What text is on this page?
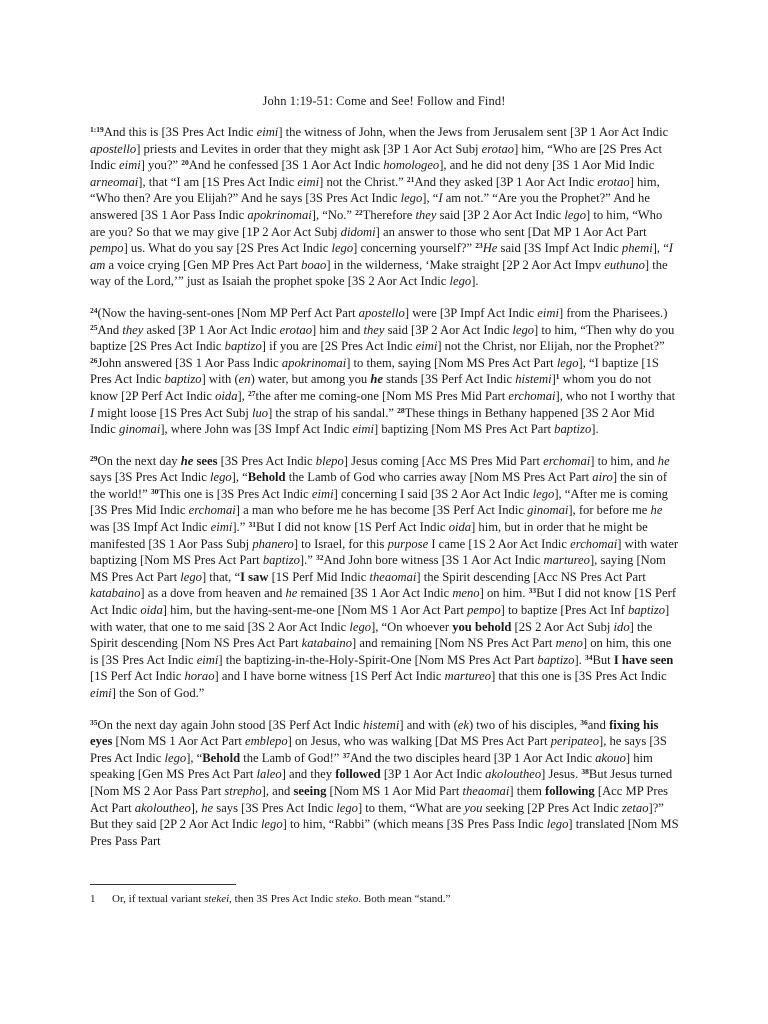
John 1:19-51: Come and See! Follow and Find!

$^{1:19}$And this is [3S Pres Act Indic eimi] the witness of John, when the Jews from Jerusalem sent [3P 1 Aor Act Indic apostello] priests and Levites in order that they might ask [3P 1 Aor Act Subj erotao] him, “Who are [2S Pres Act Indic eimi] you?” $^{20}$And he confessed [3S 1 Aor Act Indic homologeo], and he did not deny [3S 1 Aor Mid Indic arneomai], that “I am [1S Pres Act Indic eimi] not the Christ.” $^{21}$And they asked [3P 1 Aor Act Indic erotao] him, “Who then? Are you Elijah?” And he says [3S Pres Act Indic lego], “I am not.” “Are you the Prophet?” And he answered [3S 1 Aor Pass Indic apokrinomai], “No.” $^{22}$Therefore they said [3P 2 Aor Act Indic lego] to him, “Who are you? So that we may give [1P 2 Aor Act Subj didomi] an answer to those who sent [Dat MP 1 Aor Act Part pempo] us. What do you say [2S Pres Act Indic lego] concerning yourself?” $^{23}$He said [3S Impf Act Indic phemi], “I am a voice crying [Gen MP Pres Act Part boao] in the wilderness, ‘Make straight [2P 2 Aor Act Impv euthuno] the way of the Lord,’” just as Isaiah the prophet spoke [3S 2 Aor Act Indic lego].

$^{24}$(Now the having-sent-ones [Nom MP Perf Act Part apostello] were [3P Impf Act Indic eimi] from the Pharisees.) $^{25}$And they asked [3P 1 Aor Act Indic erotao] him and they said [3P 2 Aor Act Indic lego] to him, “Then why do you baptize [2S Pres Act Indic baptizo] if you are [2S Pres Act Indic eimi] not the Christ, nor Elijah, nor the Prophet?” $^{26}$John answered [3S 1 Aor Pass Indic apokrinomai] to them, saying [Nom MS Pres Act Part lego], “I baptize [1S Pres Act Indic baptizo] with (en) water, but among you he stands [3S Perf Act Indic histemi]$^1$ whom you do not know [2P Perf Act Indic oida], $^{27}$the after me coming-one [Nom MS Pres Mid Part erchomai], who not I worthy that I might loose [1S Pres Act Subj luo] the strap of his sandal.” $^{28}$These things in Bethany happened [3S 2 Aor Mid Indic ginomai], where John was [3S Impf Act Indic eimi] baptizing [Nom MS Pres Act Part baptizo].

$^{29}$On the next day he sees [3S Pres Act Indic blepo] Jesus coming [Acc MS Pres Mid Part erchomai] to him, and he says [3S Pres Act Indic lego], “Behold the Lamb of God who carries away [Nom MS Pres Act Part airo] the sin of the world!” $^{30}$This one is [3S Pres Act Indic eimi] concerning I said [3S 2 Aor Act Indic lego], “After me is coming [3S Pres Mid Indic erchomai] a man who before me he has become [3S Perf Act Indic ginomai], for before me he was [3S Impf Act Indic eimi].” $^{31}$But I did not know [1S Perf Act Indic oida] him, but in order that he might be manifested [3S 1 Aor Pass Subj phanero] to Israel, for this purpose I came [1S 2 Aor Act Indic erchomai] with water baptizing [Nom MS Pres Act Part baptizo].” $^{32}$And John bore witness [3S 1 Aor Act Indic martureo], saying [Nom MS Pres Act Part lego] that, “I saw [1S Perf Mid Indic theaomai] the Spirit descending [Acc NS Pres Act Part katabaino] as a dove from heaven and he remained [3S 1 Aor Act Indic meno] on him. $^{33}$But I did not know [1S Perf Act Indic oida] him, but the having-sent-me-one [Nom MS 1 Aor Act Part pempo] to baptize [Pres Act Inf baptizo] with water, that one to me said [3S 2 Aor Act Indic lego], “On whoever you behold [2S 2 Aor Act Subj ido] the Spirit descending [Nom NS Pres Act Part katabaino] and remaining [Nom NS Pres Act Part meno] on him, this one is [3S Pres Act Indic eimi] the baptizing-in-the-Holy-Spirit-One [Nom MS Pres Act Part baptizo]. $^{34}$But I have seen [1S Perf Act Indic horao] and I have borne witness [1S Perf Act Indic martureo] that this one is [3S Pres Act Indic eimi] the Son of God.”

$^{35}$On the next day again John stood [3S Perf Act Indic histemi] and with (ek) two of his disciples, $^{36}$and fixing his eyes [Nom MS 1 Aor Act Part emblepo] on Jesus, who was walking [Dat MS Pres Act Part peripateo], he says [3S Pres Act Indic lego], “Behold the Lamb of God!” $^{37}$And the two disciples heard [3P 1 Aor Act Indic akouo] him speaking [Gen MS Pres Act Part laleo] and they followed [3P 1 Aor Act Indic akoloutheo] Jesus. $^{38}$But Jesus turned [Nom MS 2 Aor Pass Part strepho], and seeing [Nom MS 1 Aor Mid Part theaomai] them following [Acc MP Pres Act Part akoloutheo], he says [3S Pres Act Indic lego] to them, “What are you seeking [2P Pres Act Indic zetao]?” But they said [2P 2 Aor Act Indic lego] to him, “Rabbi” (which means [3S Pres Pass Indic lego] translated [Nom MS Pres Pass Part

1 Or, if textual variant stekei, then 3S Pres Act Indic steko. Both mean “stand.”
